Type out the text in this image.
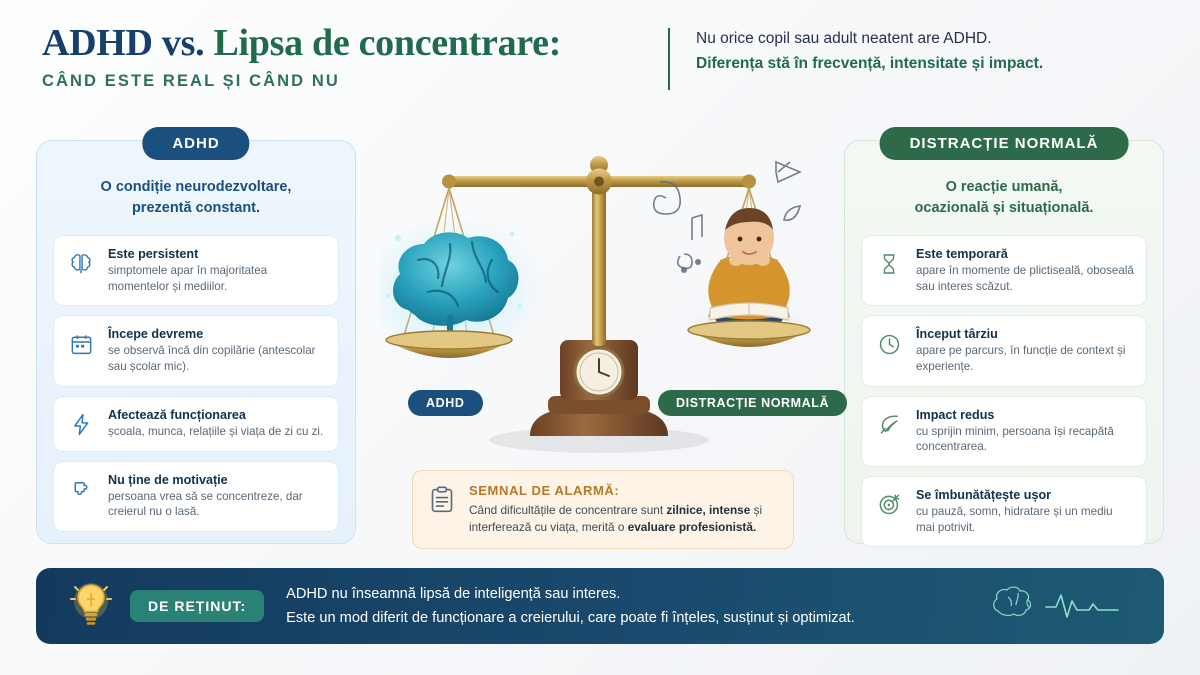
ADHD vs. Lipsa de concentrare:
CÂND ESTE REAL ȘI CÂND NU
Nu orice copil sau adult neatent are ADHD.
Diferența stă în frecvență, intensitate și impact.
ADHD
O condiție neurodezvoltare,
prezentă constant.
Este persistent
simptomele apar în majoritatea momentelor și mediilor.
Începe devreme
se observă încă din copilărie (antescolar sau școlar mic).
Afectează funcționarea
școala, munca, relațiile și viața de zi cu zi.
Nu ține de motivație
persoana vrea să se concentreze, dar creierul nu o lasă.
DISTRACȚIE NORMALĂ
O reacție umană,
ocazională și situațională.
Este temporară
apare în momente de plictiseală, oboseală sau interes scăzut.
Început târziu
apare pe parcurs, în funcție de context și experiențe.
Impact redus
cu sprijin minim, persoana își recapătă concentrarea.
Se îmbunătățește ușor
cu pauză, somn, hidratare și un mediu mai potrivit.
ADHD	DISTRACȚIE NORMALĂ
SEMNAL DE ALARMĂ:
Când dificultățile de concentrare sunt zilnice, intense și interferează cu viața, merită o evaluare profesionistă.
DE REȚINUT:
ADHD nu înseamnă lipsă de inteligență sau interes.
Este un mod diferit de funcționare a creierului, care poate fi înțeles, susținut și optimizat.
